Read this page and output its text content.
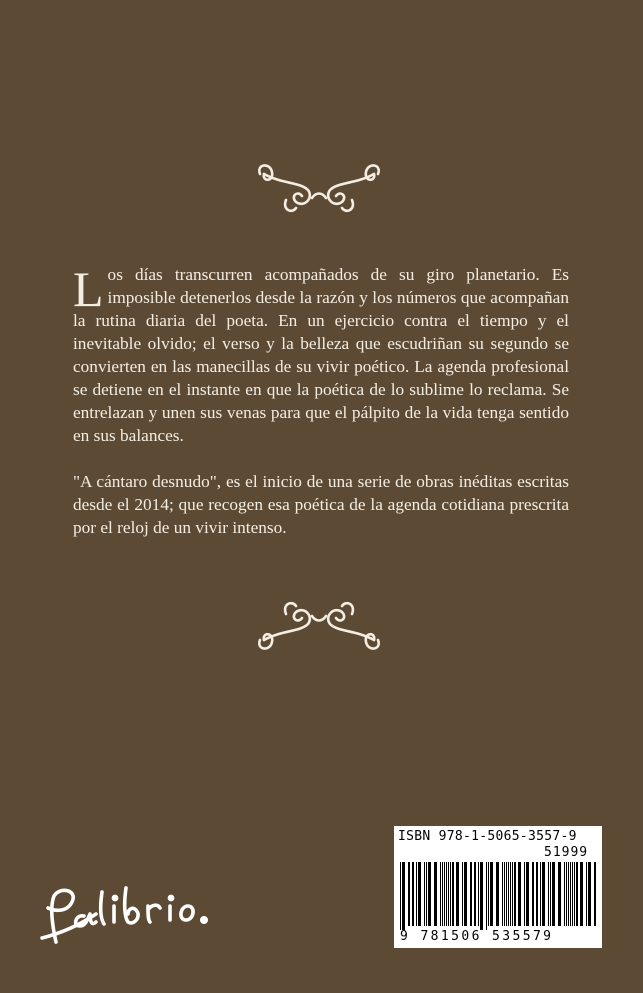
Los días transcurren acompañados de su giro planetario. Es imposible detenerlos desde la razón y los números que acompañan la rutina diaria del poeta. En un ejercicio contra el tiempo y el inevitable olvido; el verso y la belleza que escudriñan su segundo se convierten en las manecillas de su vivir poético. La agenda profesional se detiene en el instante en que la poética de lo sublime lo reclama. Se entrelazan y unen sus venas para que el pálpito de la vida tenga sentido en sus balances.

"A cántaro desnudo", es el inicio de una serie de obras inéditas escritas desde el 2014; que recogen esa poética de la agenda cotidiana prescrita por el reloj de un vivir intenso.

ISBN 978-1-5065-3557-9
51999
9 781506 535579
